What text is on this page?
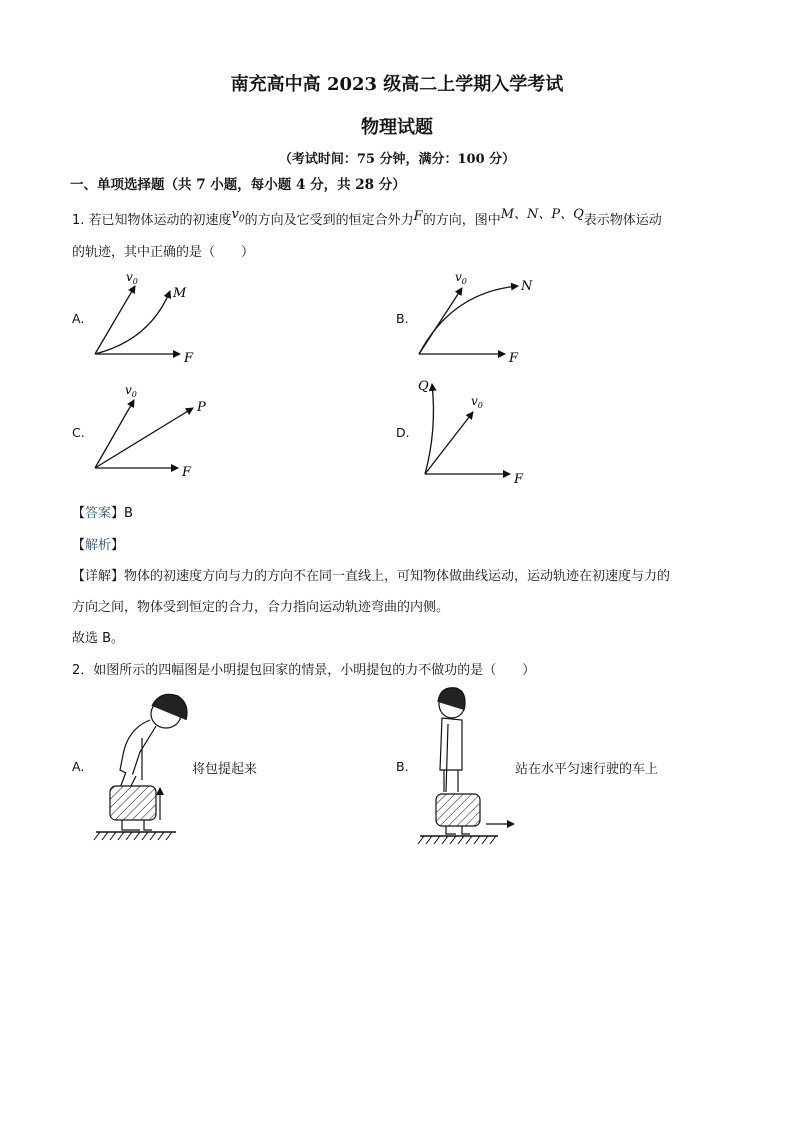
南充高中高 2023 级高二上学期入学考试
物理试题
（考试时间：75 分钟，满分：100 分）
一、单项选择题（共 7 小题，每小题 4 分，共 28 分）
1. 若已知物体运动的初速度$v_0$的方向及它受到的恒定合外力F的方向，图中M、N、P、Q表示物体运动
的轨迹，其中正确的是（　　）
A.	B.
C.	D.
$v_0$
M
F
$v_0$	N
F
$v_0$
P
F
$v_0$
Q
F
【答案】B
【解析】
【详解】物体的初速度方向与力的方向不在同一直线上，可知物体做曲线运动，运动轨迹在初速度与力的
方向之间，物体受到恒定的合力，合力指向运动轨迹弯曲的内侧。
故选 B。
2．如图所示的四幅图是小明提包回家的情景，小明提包的力不做功的是（　　）
A.	将包提起来	B.	站在水平匀速行驶的车上
